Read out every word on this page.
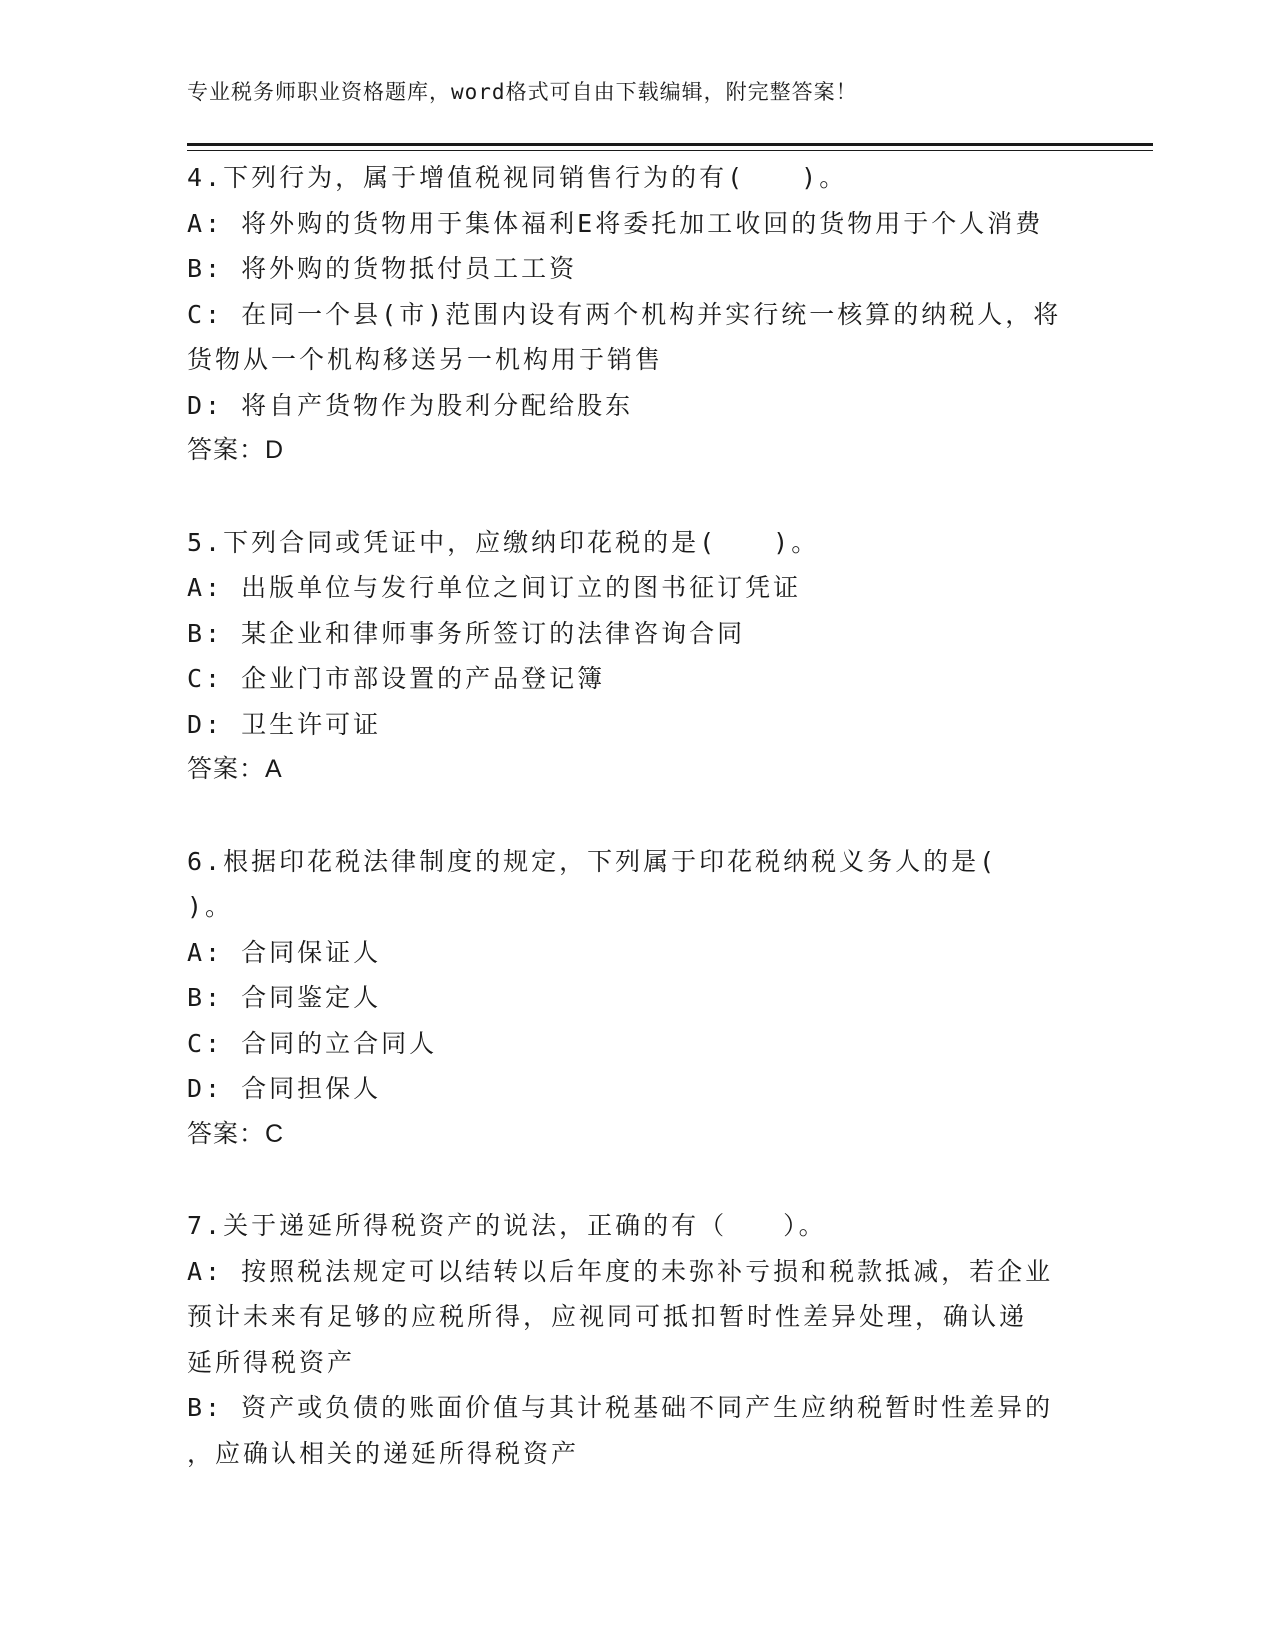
专业税务师职业资格题库，word格式可自由下载编辑，附完整答案！
4.下列行为，属于增值税视同销售行为的有(　　)。
A: 将外购的货物用于集体福利E将委托加工收回的货物用于个人消费
B: 将外购的货物抵付员工工资
C: 在同一个县(市)范围内设有两个机构并实行统一核算的纳税人，将
货物从一个机构移送另一机构用于销售
D: 将自产货物作为股利分配给股东
答案：D
5.下列合同或凭证中，应缴纳印花税的是(　　)。
A: 出版单位与发行单位之间订立的图书征订凭证
B: 某企业和律师事务所签订的法律咨询合同
C: 企业门市部设置的产品登记簿
D: 卫生许可证
答案：A
6.根据印花税法律制度的规定，下列属于印花税纳税义务人的是(
)。
A: 合同保证人
B: 合同鉴定人
C: 合同的立合同人
D: 合同担保人
答案：C
7.关于递延所得税资产的说法，正确的有（　　）。
A: 按照税法规定可以结转以后年度的未弥补亏损和税款抵减，若企业
预计未来有足够的应税所得，应视同可抵扣暂时性差异处理，确认递
延所得税资产
B: 资产或负债的账面价值与其计税基础不同产生应纳税暂时性差异的
，应确认相关的递延所得税资产
